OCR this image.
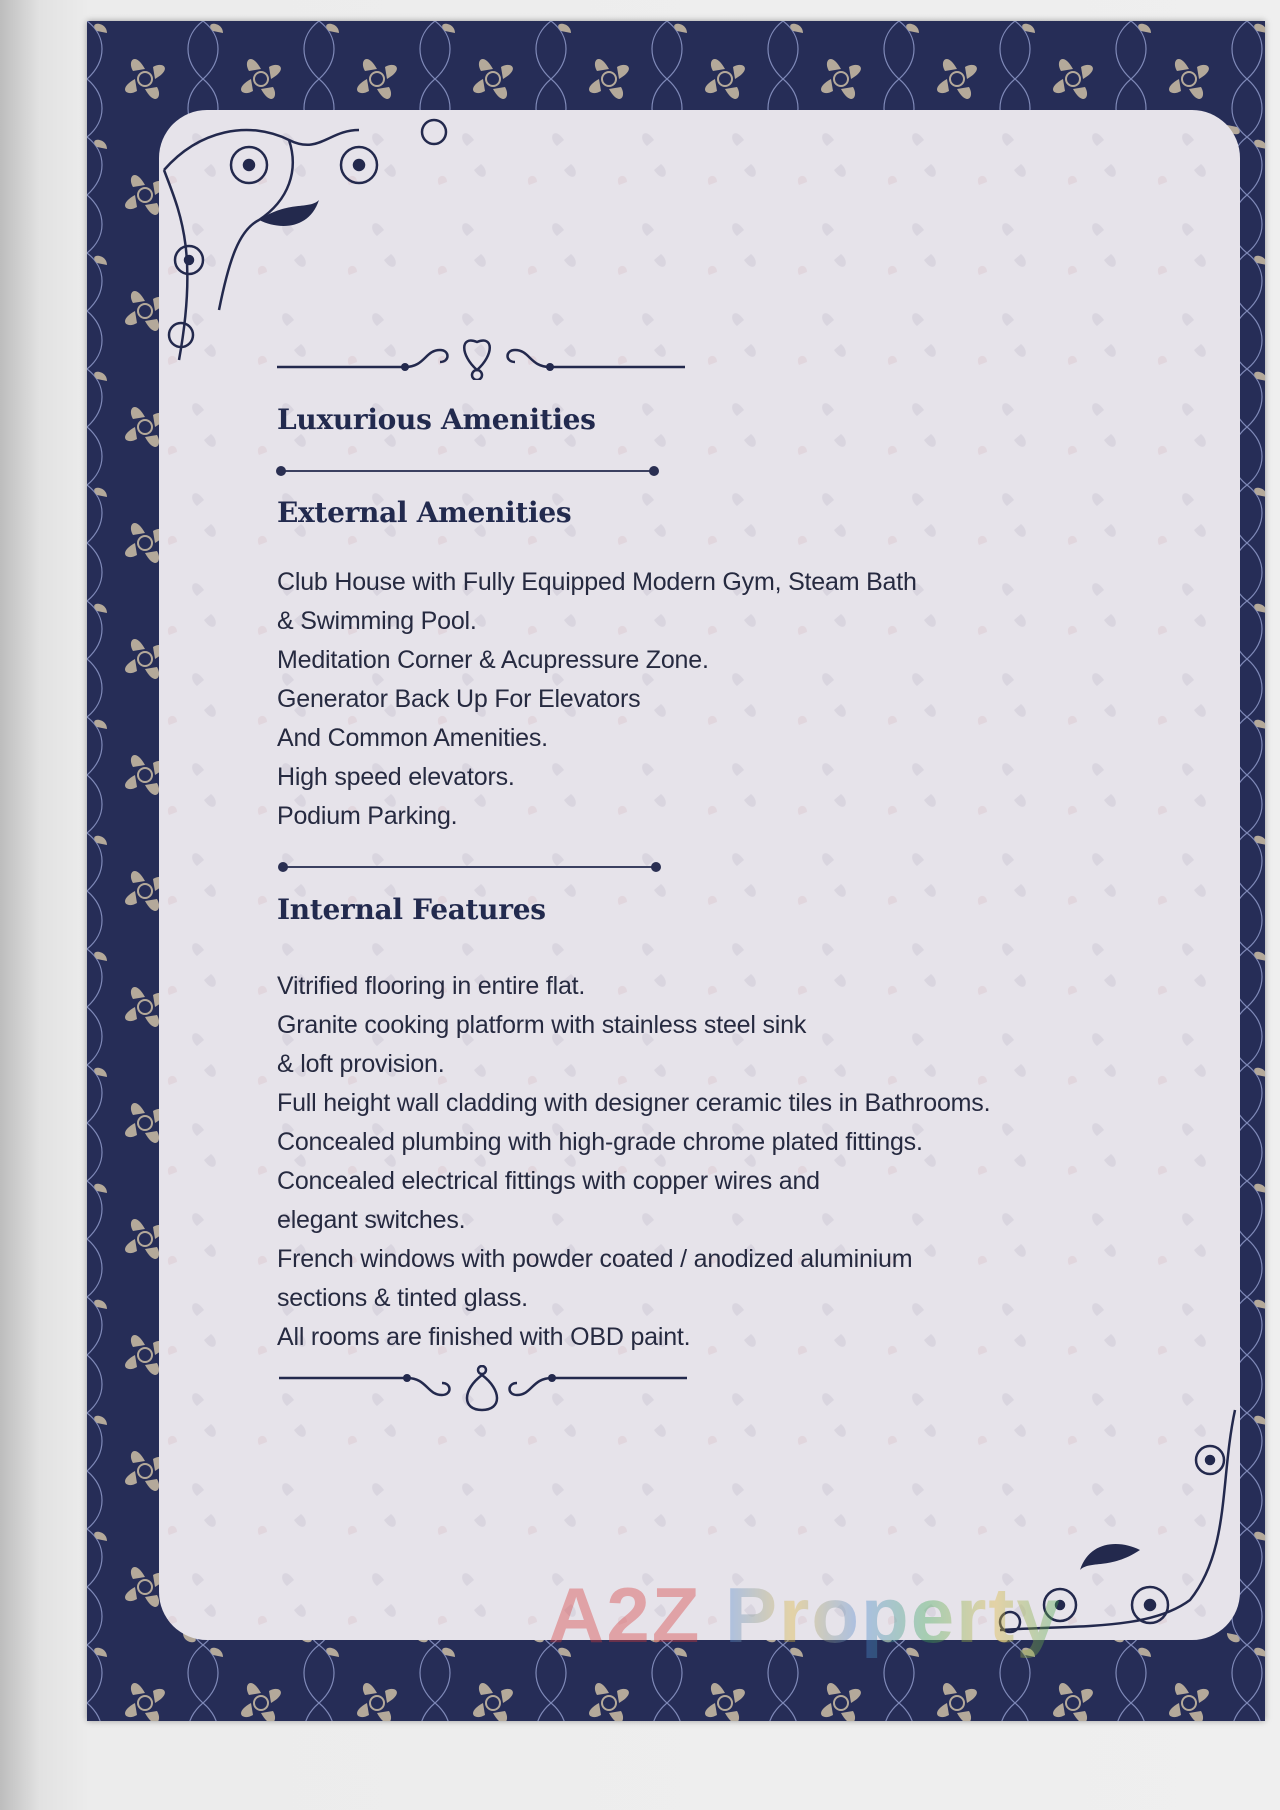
Luxurious Amenities
External Amenities
Club House with Fully Equipped Modern Gym, Steam Bath
& Swimming Pool.
Meditation Corner & Acupressure Zone.
Generator Back Up For Elevators
And Common Amenities.
High speed elevators.
Podium Parking.
Internal Features
Vitrified flooring in entire flat.
Granite cooking platform with stainless steel sink
& loft provision.
Full height wall cladding with designer ceramic tiles in Bathrooms.
Concealed plumbing with high-grade chrome plated fittings.
Concealed electrical fittings with copper wires and
elegant switches.
French windows with powder coated / anodized aluminium
sections & tinted glass.
All rooms are finished with OBD paint.
A2Z Property
